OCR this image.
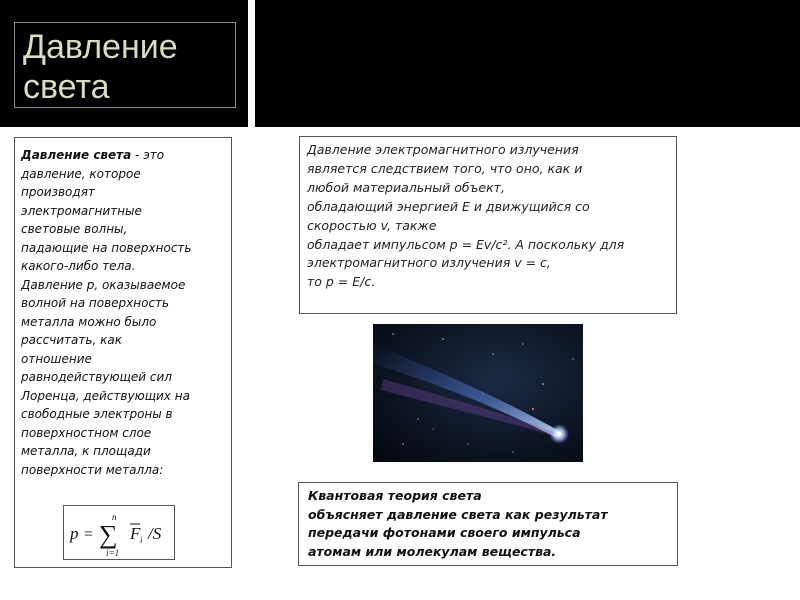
Давление
света
Давление света - это
давление, которое
производят
электромагнитные
световые волны,
падающие на поверхность
какого-либо тела.
Давление p, оказываемое
волной на поверхность
металла можно было
рассчитать, как
отношение
равнодействующей сил
Лоренца, действующих на
свободные электроны в
поверхностном слое
металла, к площади
поверхности металла:
p =
n
∑
i=1
F i /S
Давление электромагнитного излучения
является следствием того, что оно, как и
любой материальный объект,
обладающий энергией E и движущийся со
скоростью v, также
обладает импульсом p = Ev/c². А поскольку для
электромагнитного излучения v = c,
то p = E/c.
Квантовая теория света
объясняет давление света как результат
передачи фотонами своего импульса
атомам или молекулам вещества.
